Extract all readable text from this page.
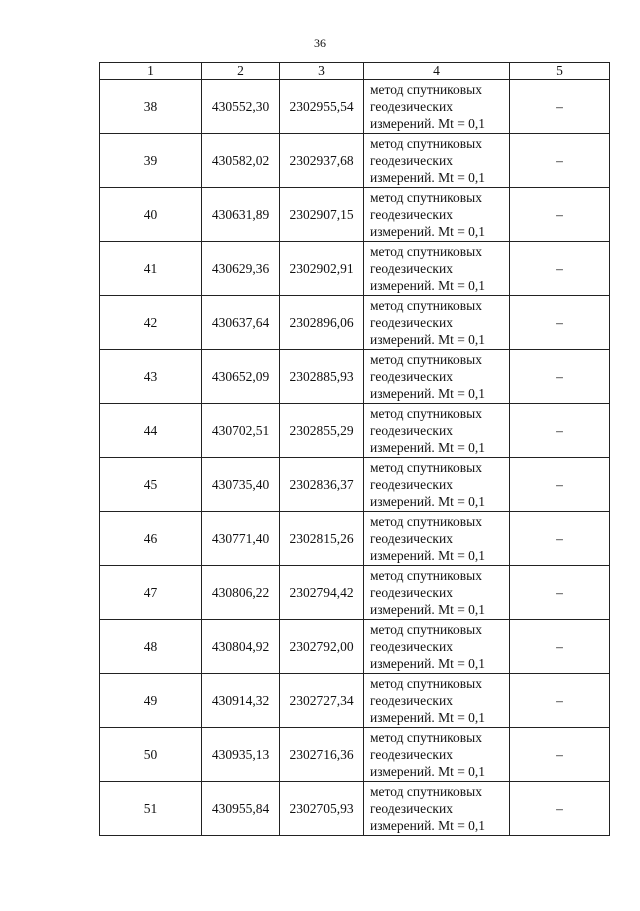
36
1	2	3	4	5
38	430552,30	2302955,54	метод спутниковых
геодезических
измерений. Mt = 0,1	–
39	430582,02	2302937,68	метод спутниковых
геодезических
измерений. Mt = 0,1	–
40	430631,89	2302907,15	метод спутниковых
геодезических
измерений. Mt = 0,1	–
41	430629,36	2302902,91	метод спутниковых
геодезических
измерений. Mt = 0,1	–
42	430637,64	2302896,06	метод спутниковых
геодезических
измерений. Mt = 0,1	–
43	430652,09	2302885,93	метод спутниковых
геодезических
измерений. Mt = 0,1	–
44	430702,51	2302855,29	метод спутниковых
геодезических
измерений. Mt = 0,1	–
45	430735,40	2302836,37	метод спутниковых
геодезических
измерений. Mt = 0,1	–
46	430771,40	2302815,26	метод спутниковых
геодезических
измерений. Mt = 0,1	–
47	430806,22	2302794,42	метод спутниковых
геодезических
измерений. Mt = 0,1	–
48	430804,92	2302792,00	метод спутниковых
геодезических
измерений. Mt = 0,1	–
49	430914,32	2302727,34	метод спутниковых
геодезических
измерений. Mt = 0,1	–
50	430935,13	2302716,36	метод спутниковых
геодезических
измерений. Mt = 0,1	–
51	430955,84	2302705,93	метод спутниковых
геодезических
измерений. Mt = 0,1	–
